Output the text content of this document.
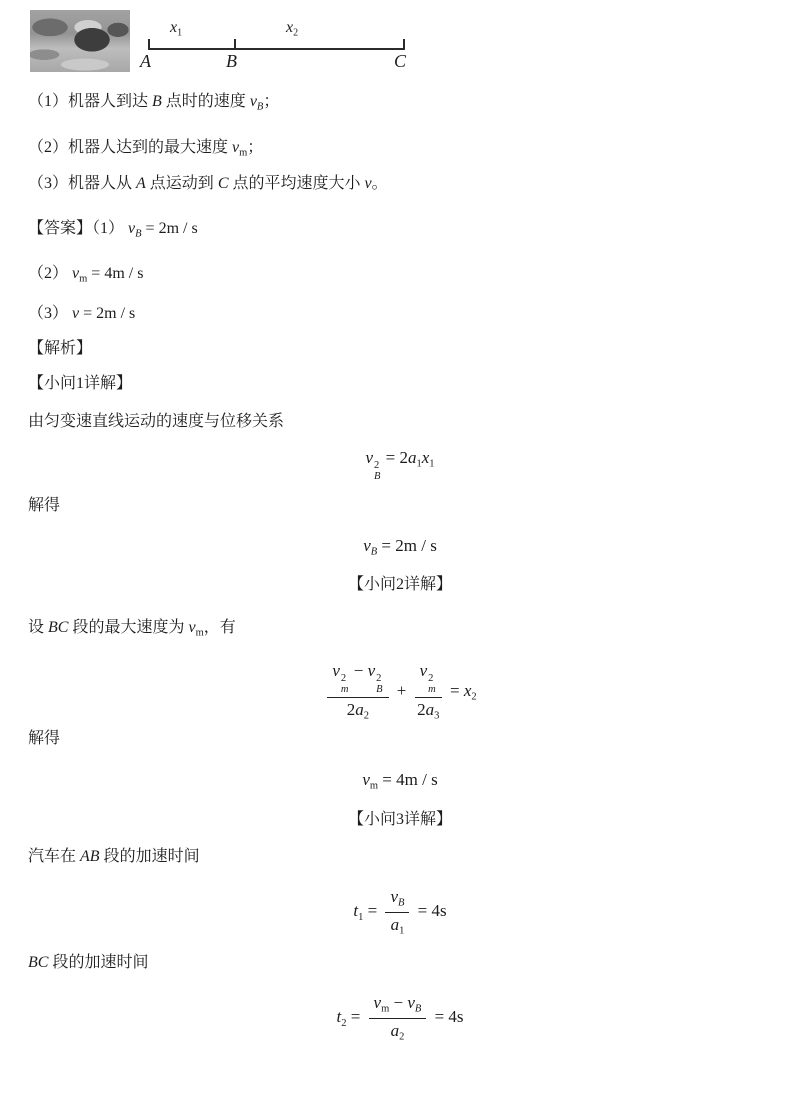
$x_1$	$x_2$
A	B	C
（1）机器人到达 B 点时的速度 $v_B$；
（2）机器人达到的最大速度 $v_m$；
（3）机器人从 A 点运动到 C 点的平均速度大小 v。
【答案】（1） $v_B = 2m / s$
（2） $v_m = 4m / s$
（3） v = 2m / s
【解析】
【小问1详解】
由匀变速直线运动的速度与位移关系
v 2
B
= $2a_1x_1$
解得
$v_B = 2m / s$
【小问2详解】
设 BC 段的最大速度为 $v_m$，有
v 2
m
− v 2
B
$2a_2 + v$ 2
m
$2a_3 = x_2$
解得
$v_m = 4m / s$
【小问3详解】
汽车在 AB 段的加速时间
$t_1 = \frac{v_B}{a_1} = 4s$
BC 段的加速时间
$t_2 = \frac{v_m - v_B}{a_2} = 4s$
